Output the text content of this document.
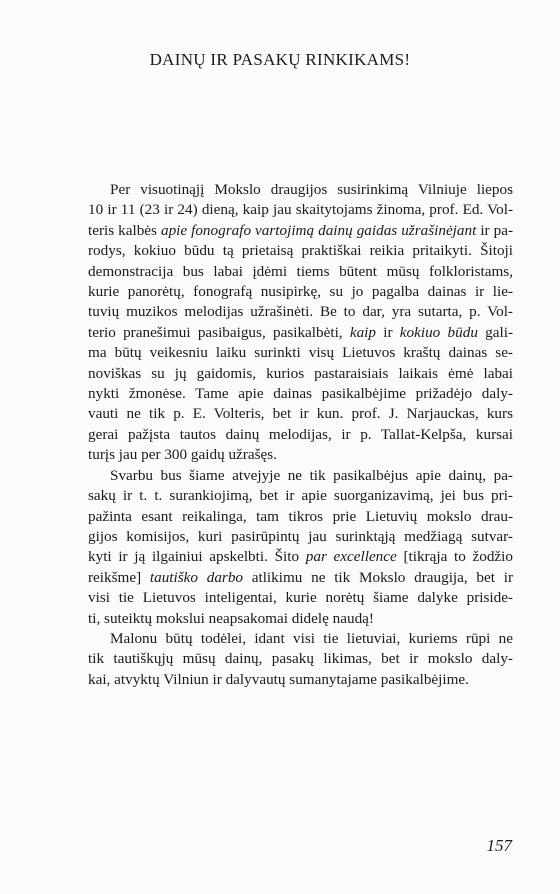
DAINŲ IR PASAKŲ RINKIKAMS!
Per visuotinąjį Mokslo draugijos susirinkimą Vilniuje liepos
10 ir 11 (23 ir 24) dieną, kaip jau skaitytojams žinoma, prof. Ed. Vol-
teris kalbės apie fonografo vartojimą dainų gaidas užrašinėjant ir pa-
rodys, kokiuo būdu tą prietaisą praktiškai reikia pritaikyti. Šitoji
demonstracija bus labai įdėmi tiems būtent mūsų folkloristams,
kurie panorėtų, fonografą nusipirkę, su jo pagalba dainas ir lie-
tuvių muzikos melodijas užrašinėti. Be to dar, yra sutarta, p. Vol-
terio pranešimui pasibaigus, pasikalbėti, kaip ir kokiuo būdu gali-
ma būtų veikesniu laiku surinkti visų Lietuvos kraštų dainas se-
noviškas su jų gaidomis, kurios pastaraisiais laikais ėmė labai
nykti žmonėse. Tame apie dainas pasikalbėjime prižadėjo daly-
vauti ne tik p. E. Volteris, bet ir kun. prof. J. Narjauckas, kurs
gerai pažįsta tautos dainų melodijas, ir p. Tallat-Kelpša, kursai
turįs jau per 300 gaidų užrašęs.
Svarbu bus šiame atvejyje ne tik pasikalbėjus apie dainų, pa-
sakų ir t. t. surankiojimą, bet ir apie suorganizavimą, jei bus pri-
pažinta esant reikalinga, tam tikros prie Lietuvių mokslo drau-
gijos komisijos, kuri pasirūpintų jau surinktąją medžiagą sutvar-
kyti ir ją ilgainiui apskelbti. Šito par excellence [tikrąja to žodžio
reikšme] tautiško darbo atlikimu ne tik Mokslo draugija, bet ir
visi tie Lietuvos inteligentai, kurie norėtų šiame dalyke priside-
ti, suteiktų mokslui neapsakomai didelę naudą!
Malonu būtų todėlei, idant visi tie lietuviai, kuriems rūpi ne
tik tautiškųjų mūsų dainų, pasakų likimas, bet ir mokslo daly-
kai, atvyktų Vilniun ir dalyvautų sumanytajame pasikalbėjime.
157
